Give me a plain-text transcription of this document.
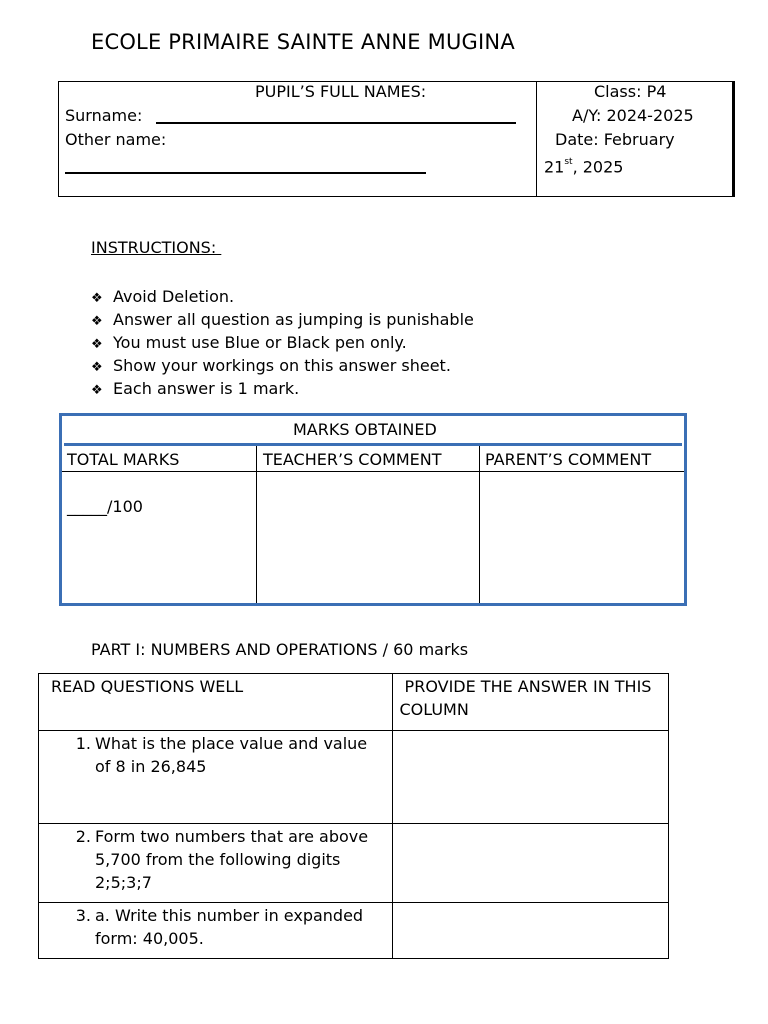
ECOLE PRIMAIRE SAINTE ANNE MUGINA
PUPIL’S FULL NAMES:
Surname:
Other name:
Class: P4
A/Y: 2024-2025
Date: February
21st, 2025
INSTRUCTIONS:
❖ Avoid Deletion.
❖ Answer all question as jumping is punishable
❖ You must use Blue or Black pen only.
❖ Show your workings on this answer sheet.
❖ Each answer is 1 mark.
MARKS OBTAINED
TOTAL MARKS	TEACHER’S COMMENT	PARENT’S COMMENT
_____/100
PART I: NUMBERS AND OPERATIONS / 60 marks
READ QUESTIONS WELL	PROVIDE THE ANSWER IN THIS COLUMN

1. What is the place value and value of 8 in 26,845	

2. Form two numbers that are above 5,700 from the following digits 2;5;3;7	

3. a. Write this number in expanded form: 40,005.	
